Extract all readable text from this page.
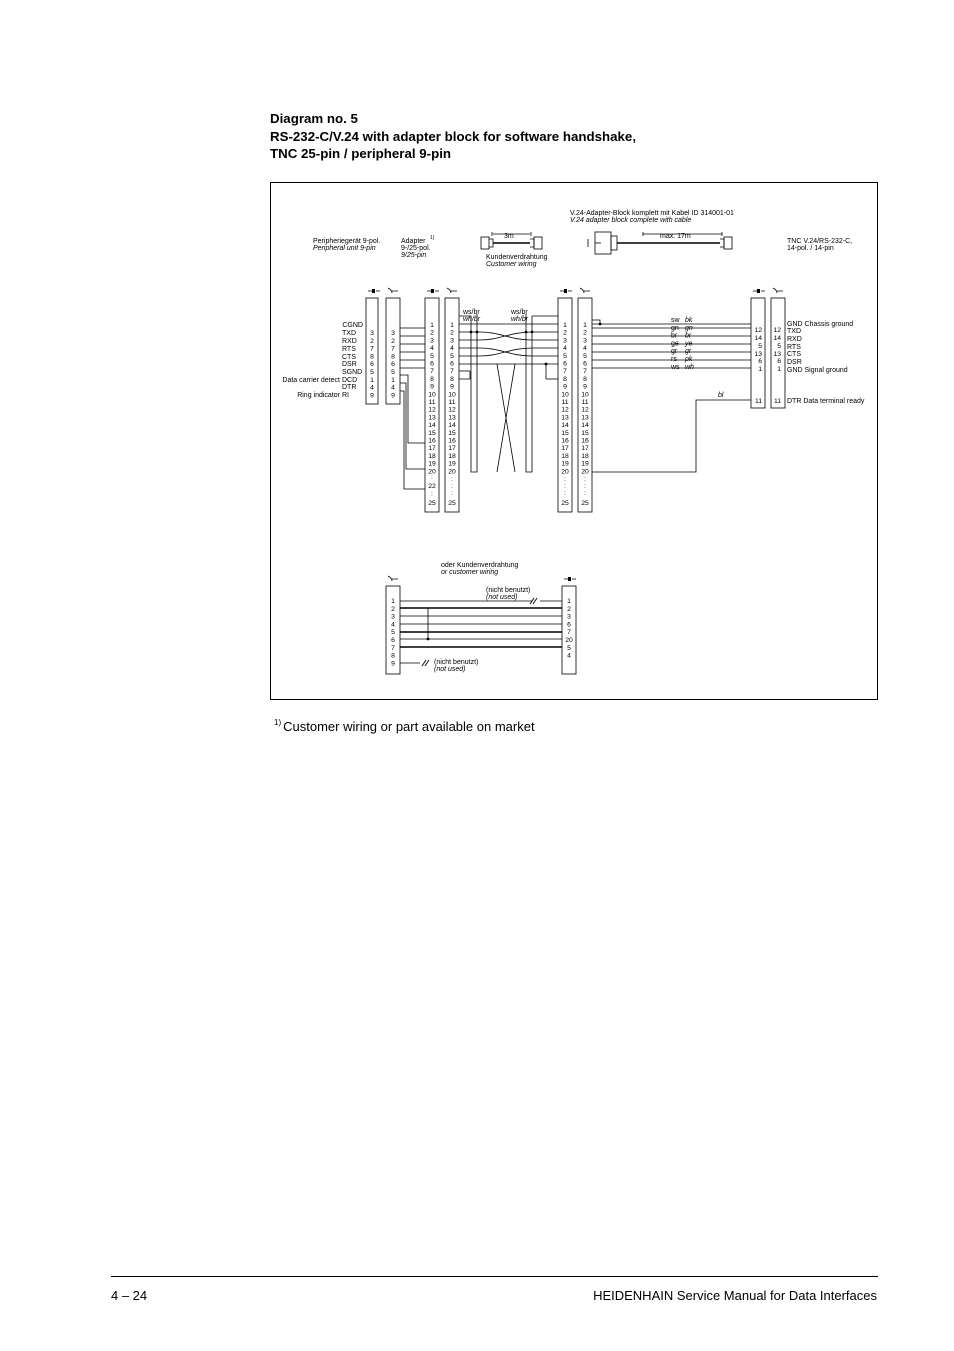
Diagram no. 5
RS-232-C/V.24 with adapter block for software handshake,
TNC 25-pin / peripheral 9-pin
Peripheriegerät 9-pol.
Peripheral unit 9-pin
Adapter 1)
9-/25-pol.
9/25-pin
3m
Kundenverdrahtung
Customer wiring
V.24-Adapter-Block komplett mit Kabel ID 314001-01
V.24 adapter block complete with cable
max. 17m
TNC V.24/RS-232-C,
14-pol. / 14-pin
CGND
TXD
RXD
RTS
CTS
DSR
SGND
DCD
DTR
RI
Data carrier detect
Ring indicator
3
2
7
8
6
5
1
4
9
3
2
7
8
6
5
1
4
9
1
2
3
4
5
6
7
8
9
10
11
12
13
14
15
16
17
18
19
20
22
25
:
:
1
2
3
4
5
6
7
8
9
10
11
12
13
14
15
16
17
18
19
20
25
:
:
:
1
2
3
4
5
6
7
8
9
10
11
12
13
14
15
16
17
18
19
20
25
:
:
:
1
2
3
4
5
6
7
8
9
10
11
12
13
14
15
16
17
18
19
20
25
:
:
:
12
14
5
13
6
1
11
12
14
5
13
6
1
11
1
2
3
4
5
6
7
8
9
1
2
3
6
7
20
5
4
ws/br
wh/br
ws/br
wh/br	sw bk
gn gn
br br
ge ye
gr gr
rs pk
ws wh
bl
GND Chassis ground
TXD
RXD
RTS
CTS
DSR
GND Signal ground
DTR Data terminal ready
oder Kundenverdrahtung
or customer wiring
(nicht benutzt)
(not used)
(nicht benutzt)
(not used)
$^{1)}$ Customer wiring or part available on market
4 – 24	HEIDENHAIN Service Manual for Data Interfaces
